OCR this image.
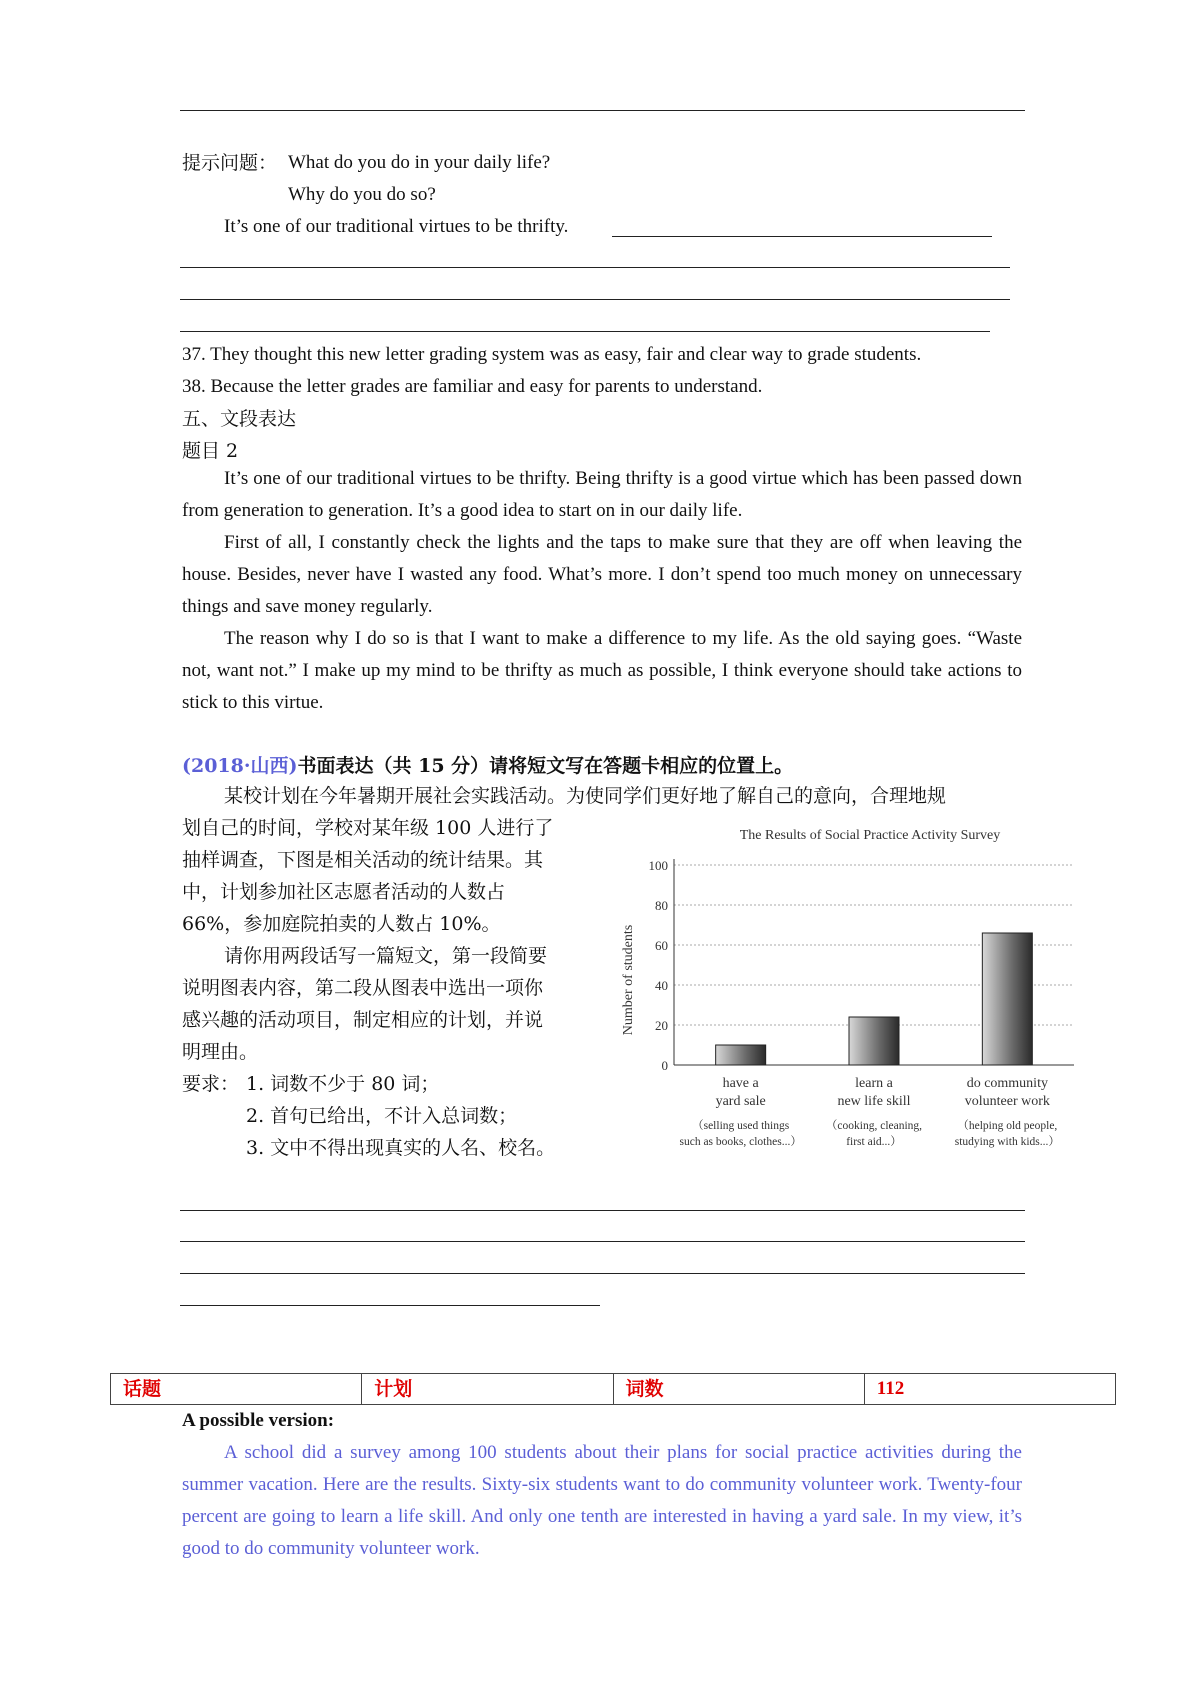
提示问题： What do you do in your daily life?
Why do you do so?
It’s one of our traditional virtues to be thrifty.
37. They thought this new letter grading system was as easy, fair and clear way to grade students.
38. Because the letter grades are familiar and easy for parents to understand.
五、文段表达
题目 2

It’s one of our traditional virtues to be thrifty. Being thrifty is a good virtue which has been passed down from generation to generation. It’s a good idea to start on in our daily life.

First of all, I constantly check the lights and the taps to make sure that they are off when leaving the house. Besides, never have I wasted any food. What’s more. I don’t spend too much money on unnecessary things and save money regularly.

The reason why I do so is that I want to make a difference to my life. As the old saying goes. “Waste not, want not.” I make up my mind to be thrifty as much as possible, I think everyone should take actions to stick to this virtue.

(2018·山西)书面表达（共 15 分）请将短文写在答题卡相应的位置上。
某校计划在今年暑期开展社会实践活动。为使同学们更好地了解自己的意向，合理地规
划自己的时间，学校对某年级 100 人进行了
抽样调查，下图是相关活动的统计结果。其
中，计划参加社区志愿者活动的人数占
66%，参加庭院拍卖的人数占 10%。
请你用两段话写一篇短文，第一段简要
说明图表内容，第二段从图表中选出一项你
感兴趣的活动项目，制定相应的计划，并说
明理由。
要求： 1. 词数不少于 80 词；
2. 首句已给出，不计入总词数；
3. 文中不得出现真实的人名、校名。
The Results of Social Practice Activity Survey
Number of students
0
20
40
60
80
100
have a
yard sale
（selling used things
such as books, clothes...）
learn a
new life skill
（cooking, cleaning,
first aid...）
do community
volunteer work
（helping old people,
studying with kids...）
话题	计划	词数	112
A possible version:

A school did a survey among 100 students about their plans for social practice activities during the summer vacation. Here are the results. Sixty-six students want to do community volunteer work. Twenty-four percent are going to learn a life skill. And only one tenth are interested in having a yard sale. In my view, it’s good to do community volunteer work.
